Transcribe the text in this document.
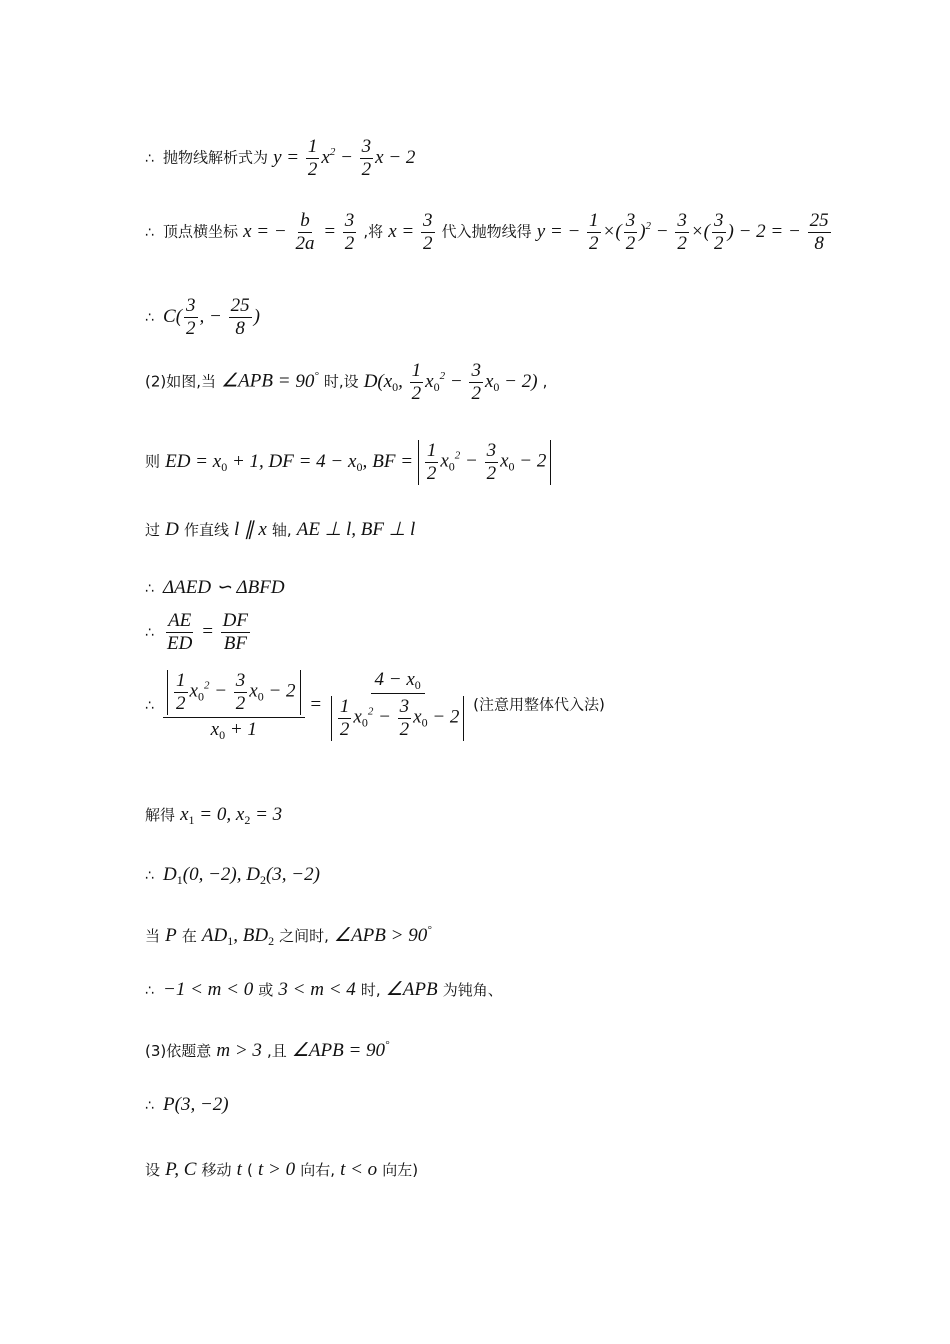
∴ 抛物线解析式为 $y = \frac{1}{2} x^2 - \frac{3}{2}$ x − 2
∴ 顶点横坐标 x = − $\frac{b}{2a} = \frac{3}{2}$ ,将 $x = \frac{3}{2}$ 代入抛物线得 y = − $\frac{1}{2}$ ×( $\frac{3}{2} )^2 - \frac{3}{2}$ ×( $\frac{3}{2}$ ) − 2 = − $\frac{25}{8}$
∴ $C( \frac{3}{2}$ , − $\frac{25}{8}$ )
(2)如图,当 ∠APB = 90° 时,设 $D(x_0$, $\frac{1}{2} x_0^2 - \frac{3}{2} x_0 - 2$) ,
则 ED = $x_0 + 1$, DF = $4 - x_0$, BF = $\frac{1}{2} x_0^2 - \frac{3}{2} x_0 - 2$
过 D 作直线 l ∥ x 轴, AE ⊥ l, BF ⊥ l
∴ ΔAED ∽ ΔBFD
∴ $\frac{AE}{ED} = \frac{DF}{BF}$
∴ $\frac{\frac{1}{2} x_0^2 - \frac{3}{2} x_0 - 2}{x_0 + 1} = \frac{4 - x_0}{\frac{1}{2} x_0^2 - \frac{3}{2} x_0 - 2}$ (注意用整体代入法)
解得 $x_1 = 0$, $x_2 = 3$
∴ $D_1(0$, −2), $D_2(3$, −2)
当 P 在 $AD_1$, $BD_2$ 之间时, ∠APB > 90°
∴ −1 < m < 0 或 3 < m < 4 时, ∠APB 为钝角、
(3)依题意 m > 3 ,且 ∠APB = 90°
∴ P(3, −2)
设 P, C 移动 t ( t > 0 向右, t < o 向左)
